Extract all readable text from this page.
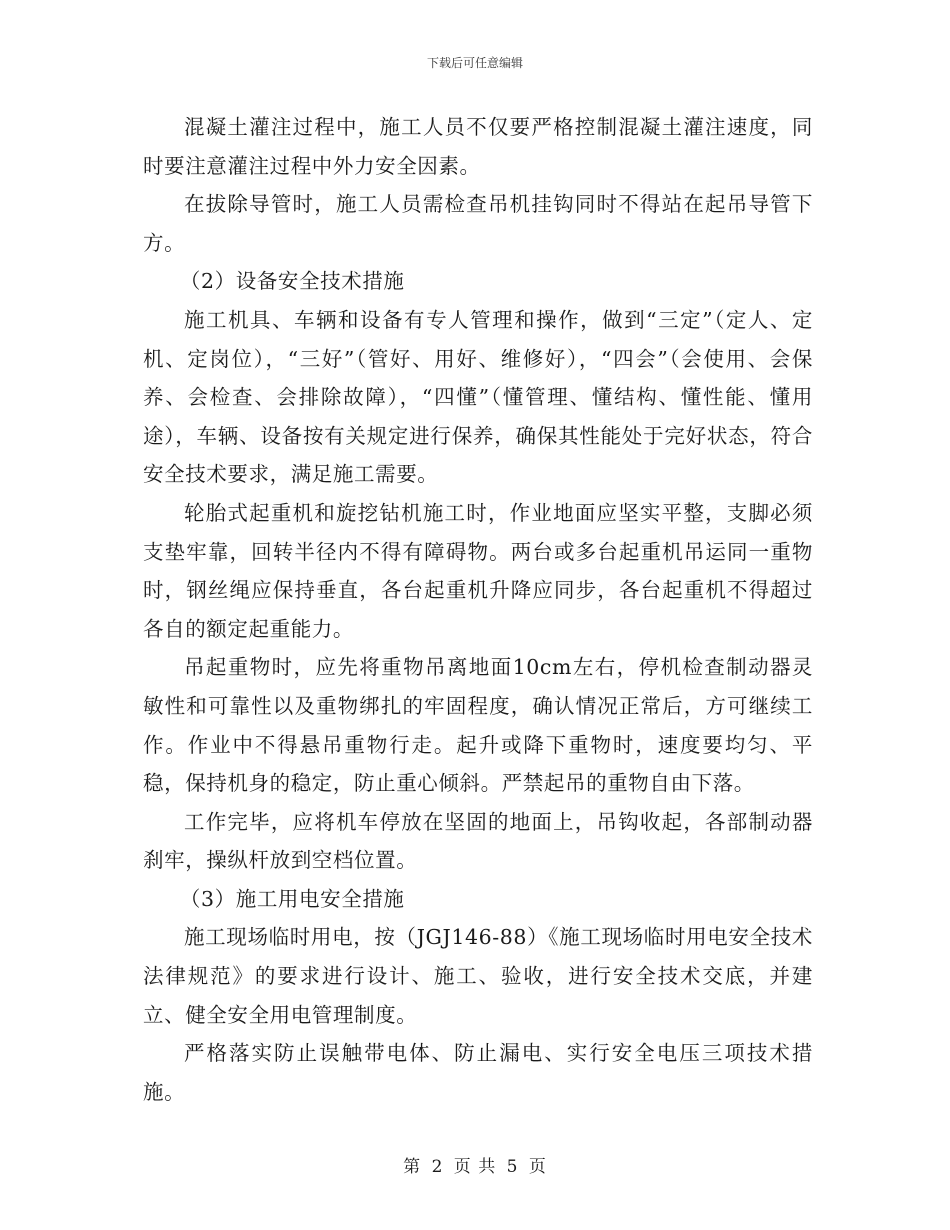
下载后可任意编辑

混凝土灌注过程中，施工人员不仅要严格控制混凝土灌注速度，同时要注意灌注过程中外力安全因素。

在拔除导管时，施工人员需检查吊机挂钩同时不得站在起吊导管下方。

（2）设备安全技术措施

施工机具、车辆和设备有专人管理和操作，做到“三定”（定人、定机、定岗位），“三好”（管好、用好、维修好），“四会”（会使用、会保养、会检查、会排除故障），“四懂”（懂管理、懂结构、懂性能、懂用途），车辆、设备按有关规定进行保养，确保其性能处于完好状态，符合安全技术要求，满足施工需要。

轮胎式起重机和旋挖钻机施工时，作业地面应坚实平整，支脚必须支垫牢靠，回转半径内不得有障碍物。两台或多台起重机吊运同一重物时，钢丝绳应保持垂直，各台起重机升降应同步，各台起重机不得超过各自的额定起重能力。

吊起重物时，应先将重物吊离地面10cm左右，停机检查制动器灵敏性和可靠性以及重物绑扎的牢固程度，确认情况正常后，方可继续工作。作业中不得悬吊重物行走。起升或降下重物时，速度要均匀、平稳，保持机身的稳定，防止重心倾斜。严禁起吊的重物自由下落。

工作完毕，应将机车停放在坚固的地面上，吊钩收起，各部制动器刹牢，操纵杆放到空档位置。

（3）施工用电安全措施

施工现场临时用电，按（JGJ146-88）《施工现场临时用电安全技术法律规范》的要求进行设计、施工、验收，进行安全技术交底，并建立、健全安全用电管理制度。

严格落实防止误触带电体、防止漏电、实行安全电压三项技术措施。

第 2 页 共 5 页
